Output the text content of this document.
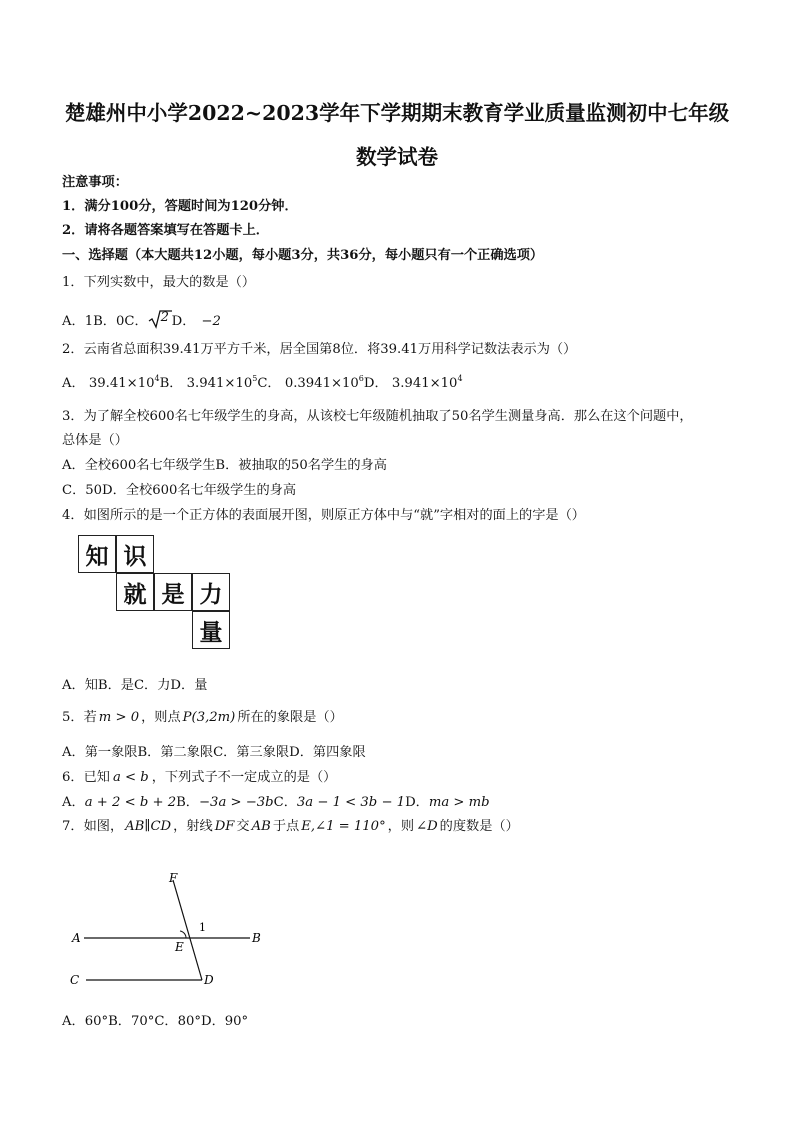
楚雄州中小学2022~2023学年下学期期末教育学业质量监测初中七年级
数学试卷
注意事项：
1．满分100分，答题时间为120分钟．
2．请将各题答案填写在答题卡上．
一、选择题（本大题共12小题，每小题3分，共36分，每小题只有一个正确选项）
1．下列实数中，最大的数是（）
A．1B．0C． 2 D． −2
2．云南省总面积39.41万平方千米，居全国第8位．将39.41万用科学记数法表示为（）
A． $39.41\times 10^4B$． $3.941\times 10^5C$． $0.3941\times 10^6D$． $3.941\times 10^4$
3．为了解全校600名七年级学生的身高，从该校七年级随机抽取了50名学生测量身高．那么在这个问题中，
总体是（）
A．全校600名七年级学生B．被抽取的50名学生的身高
C．50D．全校600名七年级学生的身高
4．如图所示的是一个正方体的表面展开图，则原正方体中与“就”字相对的面上的字是（）
知 识
就 是 力
量
A．知B．是C．力D．量
5．若 m > 0 ，则点 P(3,2m) 所在的象限是（）
A．第一象限B．第二象限C．第三象限D．第四象限
6．已知 a < b ，下列式子不一定成立的是（）
A．a + 2 < b + 2B．−3a > −3bC．3a − 1 < 3b − 1D．ma > mb
7．如图， AB∥CD ，射线 DF 交 AB 于点 E,∠1 = 110° ，则 ∠D 的度数是（）
F
A
E
B
C	D
1
A．60°B．70°C．80°D．90°
